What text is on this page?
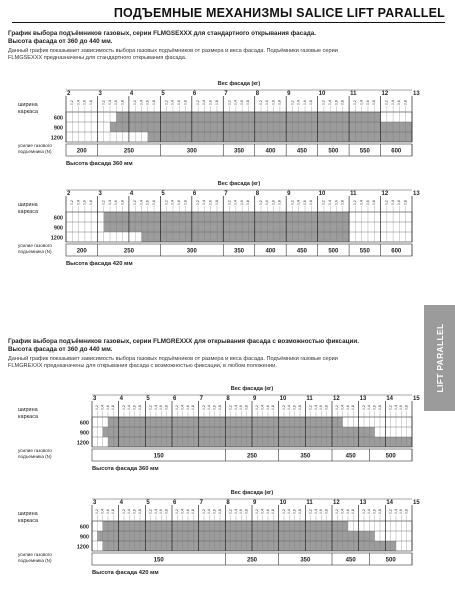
ПОДЪЕМНЫЕ МЕХАНИЗМЫ SALICE LIFT PARALLEL
График выбора подъёмников газовых, серии FLMGSEXXX для стандартного открывания фасада.
Высота фасада от 360 до 440 мм.
Данный график показывает зависимость выбора газовых подъёмников от размера и веса фасада. Подъёмники газовые серии
FLMGSEXXX предназначены для стандартного открывания фасада.
График выбора подъёмников газовых, серии FLMGREXXX для открывания фасада с возможностью фиксации.
Высота фасада от 360 до 440 мм.
Данный график показывает зависимость выбора газовых подъёмников от размера и веса фасада. Подъёмники газовые серии
FLMGREXXX предназначены для открывания фасада с возможностью фиксации, в любом положении.	LIFT PARALLEL
Вес фасада (кг)
ширина
каркаса
600
900
1200
2
0,2 0,4 0,6 0,8
3
0,2 0,4 0,6 0,8
4
0,2 0,4 0,6 0,8
5
0,2 0,4 0,6 0,8
6
0,2 0,4 0,6 0,8
7
0,2 0,4 0,6 0,8
8
0,2 0,4 0,6 0,8
9
0,2 0,4 0,6 0,8
10
0,2 0,4 0,6 0,8
11
0,2 0,4 0,6 0,8
12
0,2 0,4 0,6 0,8
13
200	250	300	350	400	450	500	550	600
усилие газового
подъемника (N)
Высота фасада 360 мм
Вес фасада (кг)
ширина
каркаса
600
900
1200
2
0,2 0,4 0,6 0,8
3
0,2 0,4 0,6 0,8
4
0,2 0,4 0,6 0,8
5
0,2 0,4 0,6 0,8
6
0,2 0,4 0,6 0,8
7
0,2 0,4 0,6 0,8
8
0,2 0,4 0,6 0,8
9
0,2 0,4 0,6 0,8
10
0,2 0,4 0,6 0,8
11
0,2 0,4 0,6 0,8
12
0,2 0,4 0,6 0,8
13
200	250	300	350	400	450	500	550	600
усилие газового
подъемника (N)
Высота фасада 420 мм
Вес фасада (кг)
ширина
каркаса
600
900
1200
3
0,2 0,4 0,6 0,8
4
0,2 0,4 0,6 0,8
5
0,2 0,4 0,6 0,8
6
0,2 0,4 0,6 0,8
7
0,2 0,4 0,6 0,8
8
0,2 0,4 0,6 0,8
9
0,2 0,4 0,6 0,8
10
0,2 0,4 0,6 0,8
11
0,2 0,4 0,6 0,8
12
0,2 0,4 0,6 0,8
13
0,2 0,4 0,6 0,8
14
0,2 0,4 0,6 0,8
15
150	250	350	450	500
усилие газового
подъемника (N)
Высота фасада 360 мм
Вес фасада (кг)
ширина
каркаса
600
900
1200
3
0,2 0,4 0,6 0,8
4
0,2 0,4 0,6 0,8
5
0,2 0,4 0,6 0,8
6
0,2 0,4 0,6 0,8
7
0,2 0,4 0,6 0,8
8
0,2 0,4 0,6 0,8
9
0,2 0,4 0,6 0,8
10
0,2 0,4 0,6 0,8
11
0,2 0,4 0,6 0,8
12
0,2 0,4 0,6 0,8
13
0,2 0,4 0,6 0,8
14
0,2 0,4 0,6 0,8
15
150	250	350	450	500
усилие газового
подъемника (N)
Высота фасада 420 мм
